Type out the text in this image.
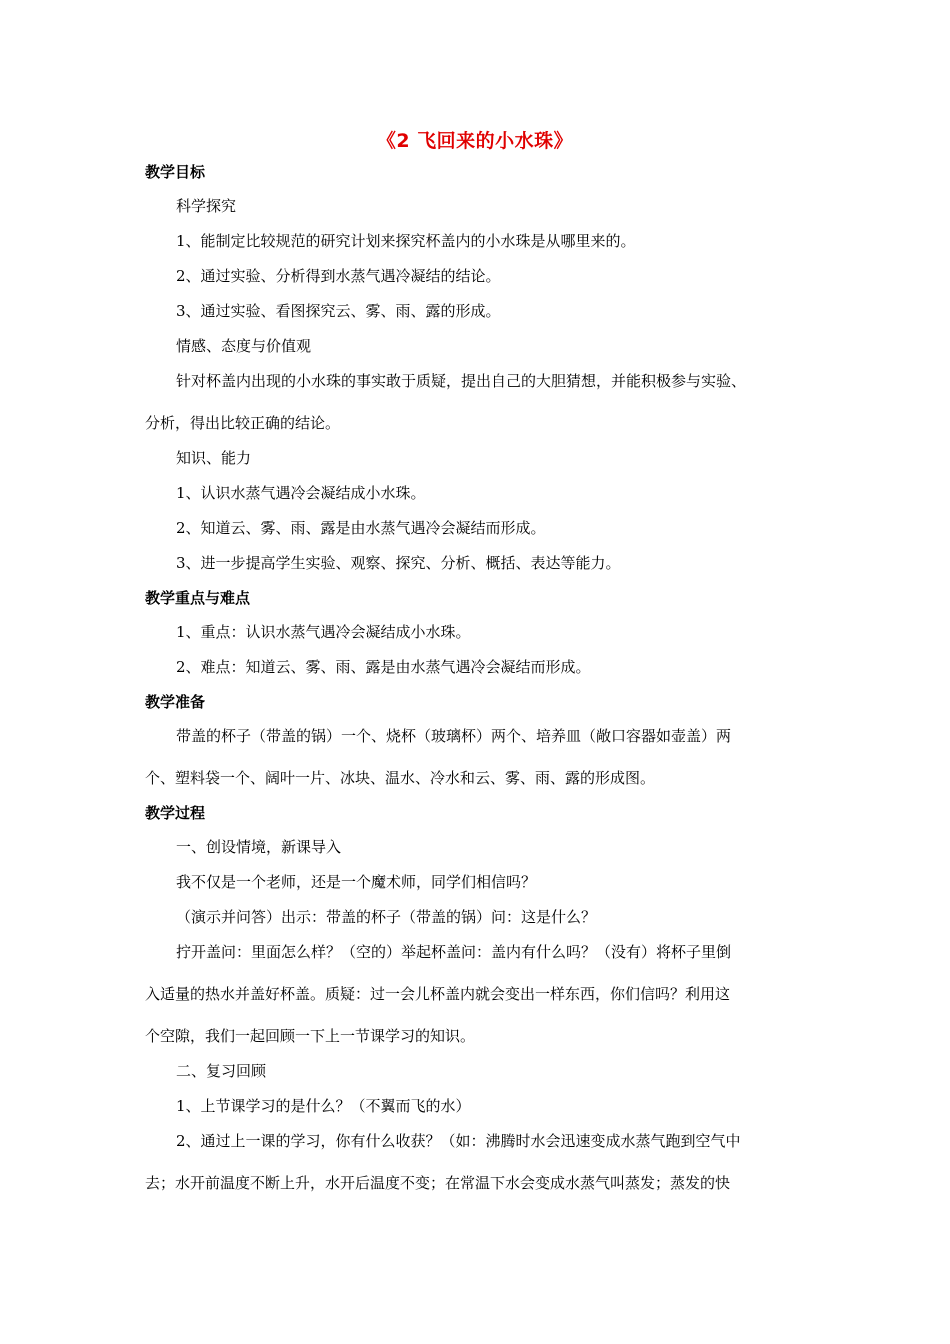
《2 飞回来的小水珠》
教学目标
科学探究
1、能制定比较规范的研究计划来探究杯盖内的小水珠是从哪里来的。
2、通过实验、分析得到水蒸气遇冷凝结的结论。
3、通过实验、看图探究云、雾、雨、露的形成。
情感、态度与价值观
针对杯盖内出现的小水珠的事实敢于质疑，提出自己的大胆猜想，并能积极参与实验、
分析，得出比较正确的结论。
知识、能力
1、认识水蒸气遇冷会凝结成小水珠。
2、知道云、雾、雨、露是由水蒸气遇冷会凝结而形成。
3、进一步提高学生实验、观察、探究、分析、概括、表达等能力。
教学重点与难点
1、重点：认识水蒸气遇冷会凝结成小水珠。
2、难点：知道云、雾、雨、露是由水蒸气遇冷会凝结而形成。
教学准备
带盖的杯子（带盖的锅）一个、烧杯（玻璃杯）两个、培养皿（敞口容器如壶盖）两
个、塑料袋一个、阔叶一片、冰块、温水、冷水和云、雾、雨、露的形成图。
教学过程
一、创设情境，新课导入
我不仅是一个老师，还是一个魔术师，同学们相信吗？
（演示并问答）出示：带盖的杯子（带盖的锅）问：这是什么？
拧开盖问：里面怎么样？（空的）举起杯盖问：盖内有什么吗？（没有）将杯子里倒
入适量的热水并盖好杯盖。质疑：过一会儿杯盖内就会变出一样东西，你们信吗？利用这
个空隙，我们一起回顾一下上一节课学习的知识。
二、复习回顾
1、上节课学习的是什么？（不翼而飞的水）
2、通过上一课的学习，你有什么收获？（如：沸腾时水会迅速变成水蒸气跑到空气中
去；水开前温度不断上升，水开后温度不变；在常温下水会变成水蒸气叫蒸发；蒸发的快
